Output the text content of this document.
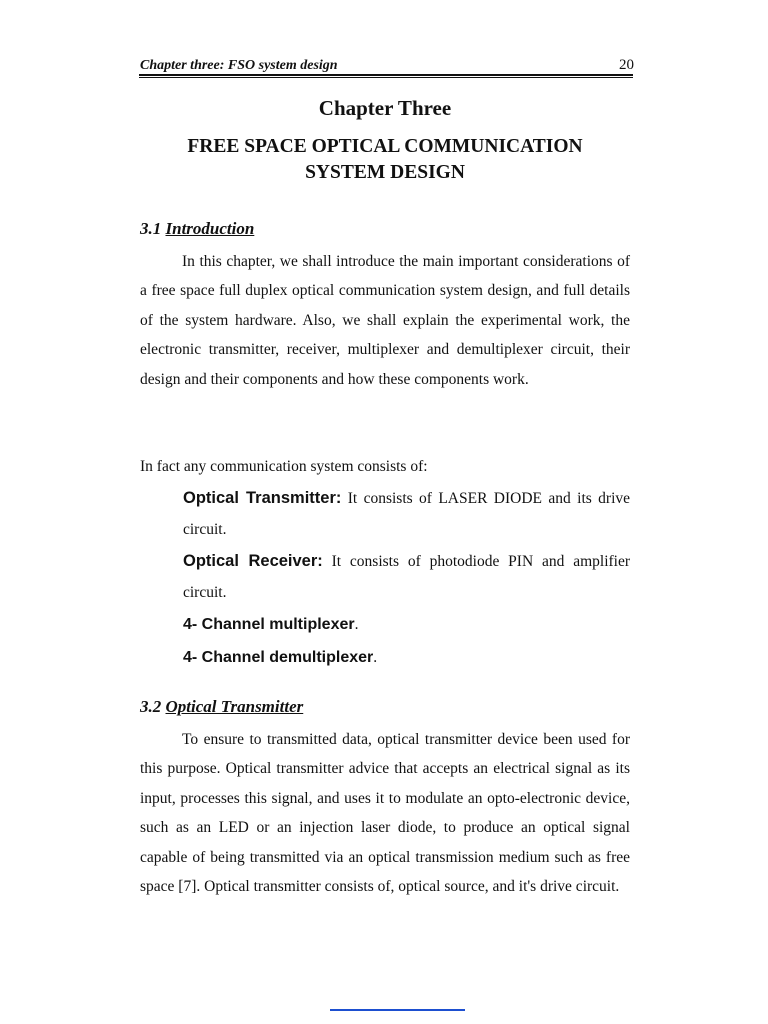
Chapter three: FSO system design	20
Chapter Three
FREE SPACE OPTICAL COMMUNICATION
SYSTEM DESIGN
3.1 Introduction

In this chapter, we shall introduce the main important considerations of a free space full duplex optical communication system design, and full details of the system hardware. Also, we shall explain the experimental work, the electronic transmitter, receiver, multiplexer and demultiplexer circuit, their design and their components and how these components work.

In fact any communication system consists of:

Optical Transmitter: It consists of LASER DIODE and its drive circuit.

Optical Receiver: It consists of photodiode PIN and amplifier circuit.

4- Channel multiplexer.

4- Channel demultiplexer.

3.2 Optical Transmitter

To ensure to transmitted data, optical transmitter device been used for this purpose. Optical transmitter advice that accepts an electrical signal as its input, processes this signal, and uses it to modulate an opto-electronic device, such as an LED or an injection laser diode, to produce an optical signal capable of being transmitted via an optical transmission medium such as free space [7]. Optical transmitter consists of, optical source, and it's drive circuit.
